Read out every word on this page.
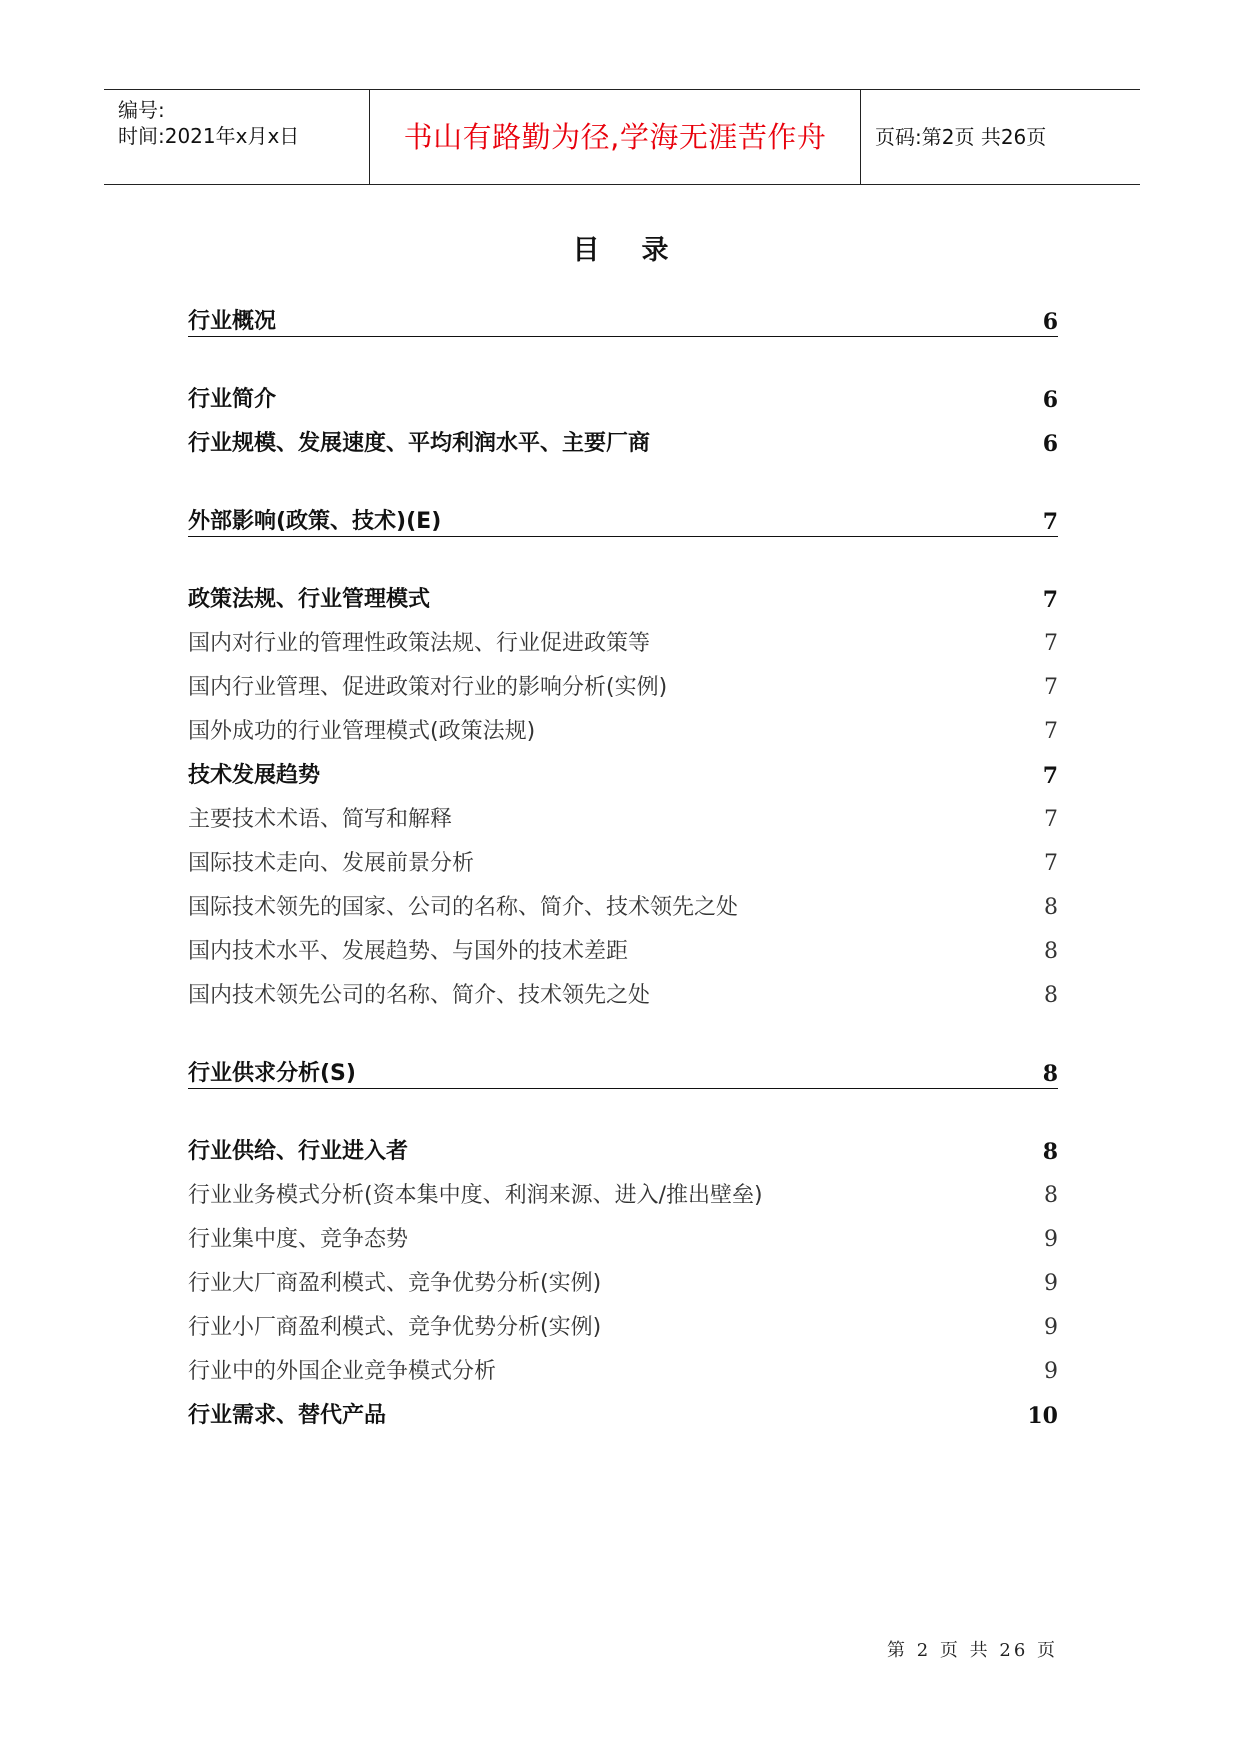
编号:
时间:2021年x月x日	书山有路勤为径,学海无涯苦作舟	页码:第2页 共26页
目录
行业概况	6
行业简介	6
行业规模、发展速度、平均利润水平、主要厂商	6
外部影响(政策、技术)(E)	7
政策法规、行业管理模式	7
国内对行业的管理性政策法规、行业促进政策等	7
国内行业管理、促进政策对行业的影响分析(实例)	7
国外成功的行业管理模式(政策法规)	7
技术发展趋势	7
主要技术术语、简写和解释	7
国际技术走向、发展前景分析	7
国际技术领先的国家、公司的名称、简介、技术领先之处	8
国内技术水平、发展趋势、与国外的技术差距	8
国内技术领先公司的名称、简介、技术领先之处	8
行业供求分析(S)	8
行业供给、行业进入者	8
行业业务模式分析(资本集中度、利润来源、进入/推出壁垒)	8
行业集中度、竞争态势	9
行业大厂商盈利模式、竞争优势分析(实例)	9
行业小厂商盈利模式、竞争优势分析(实例)	9
行业中的外国企业竞争模式分析	9
行业需求、替代产品	10
第 2 页 共 26 页
